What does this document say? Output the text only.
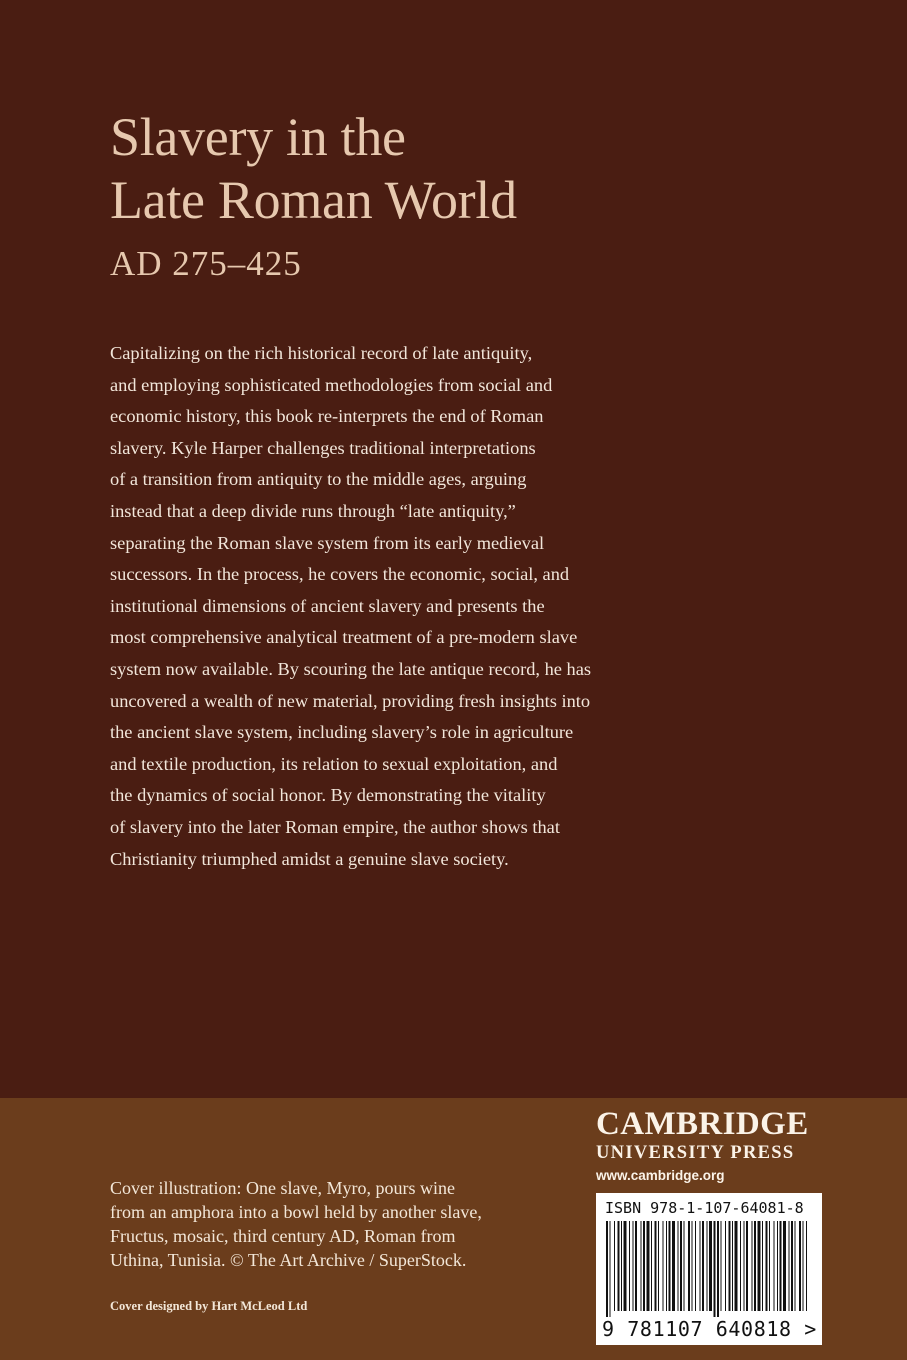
Slavery in the
Late Roman World
AD 275–425
Capitalizing on the rich historical record of late antiquity,
and employing sophisticated methodologies from social and
economic history, this book re-interprets the end of Roman
slavery. Kyle Harper challenges traditional interpretations
of a transition from antiquity to the middle ages, arguing
instead that a deep divide runs through “late antiquity,”
separating the Roman slave system from its early medieval
successors. In the process, he covers the economic, social, and
institutional dimensions of ancient slavery and presents the
most comprehensive analytical treatment of a pre-modern slave
system now available. By scouring the late antique record, he has
uncovered a wealth of new material, providing fresh insights into
the ancient slave system, including slavery’s role in agriculture
and textile production, its relation to sexual exploitation, and
the dynamics of social honor. By demonstrating the vitality
of slavery into the later Roman empire, the author shows that
Christianity triumphed amidst a genuine slave society.
Cover illustration: One slave, Myro, pours wine
from an amphora into a bowl held by another slave,
Fructus, mosaic, third century AD, Roman from
Uthina, Tunisia. © The Art Archive / SuperStock.
Cover designed by Hart McLeod Ltd
CAMBRIDGE
UNIVERSITY PRESS
www.cambridge.org
ISBN 978-1-107-64081-8
9 781107 640818 >
